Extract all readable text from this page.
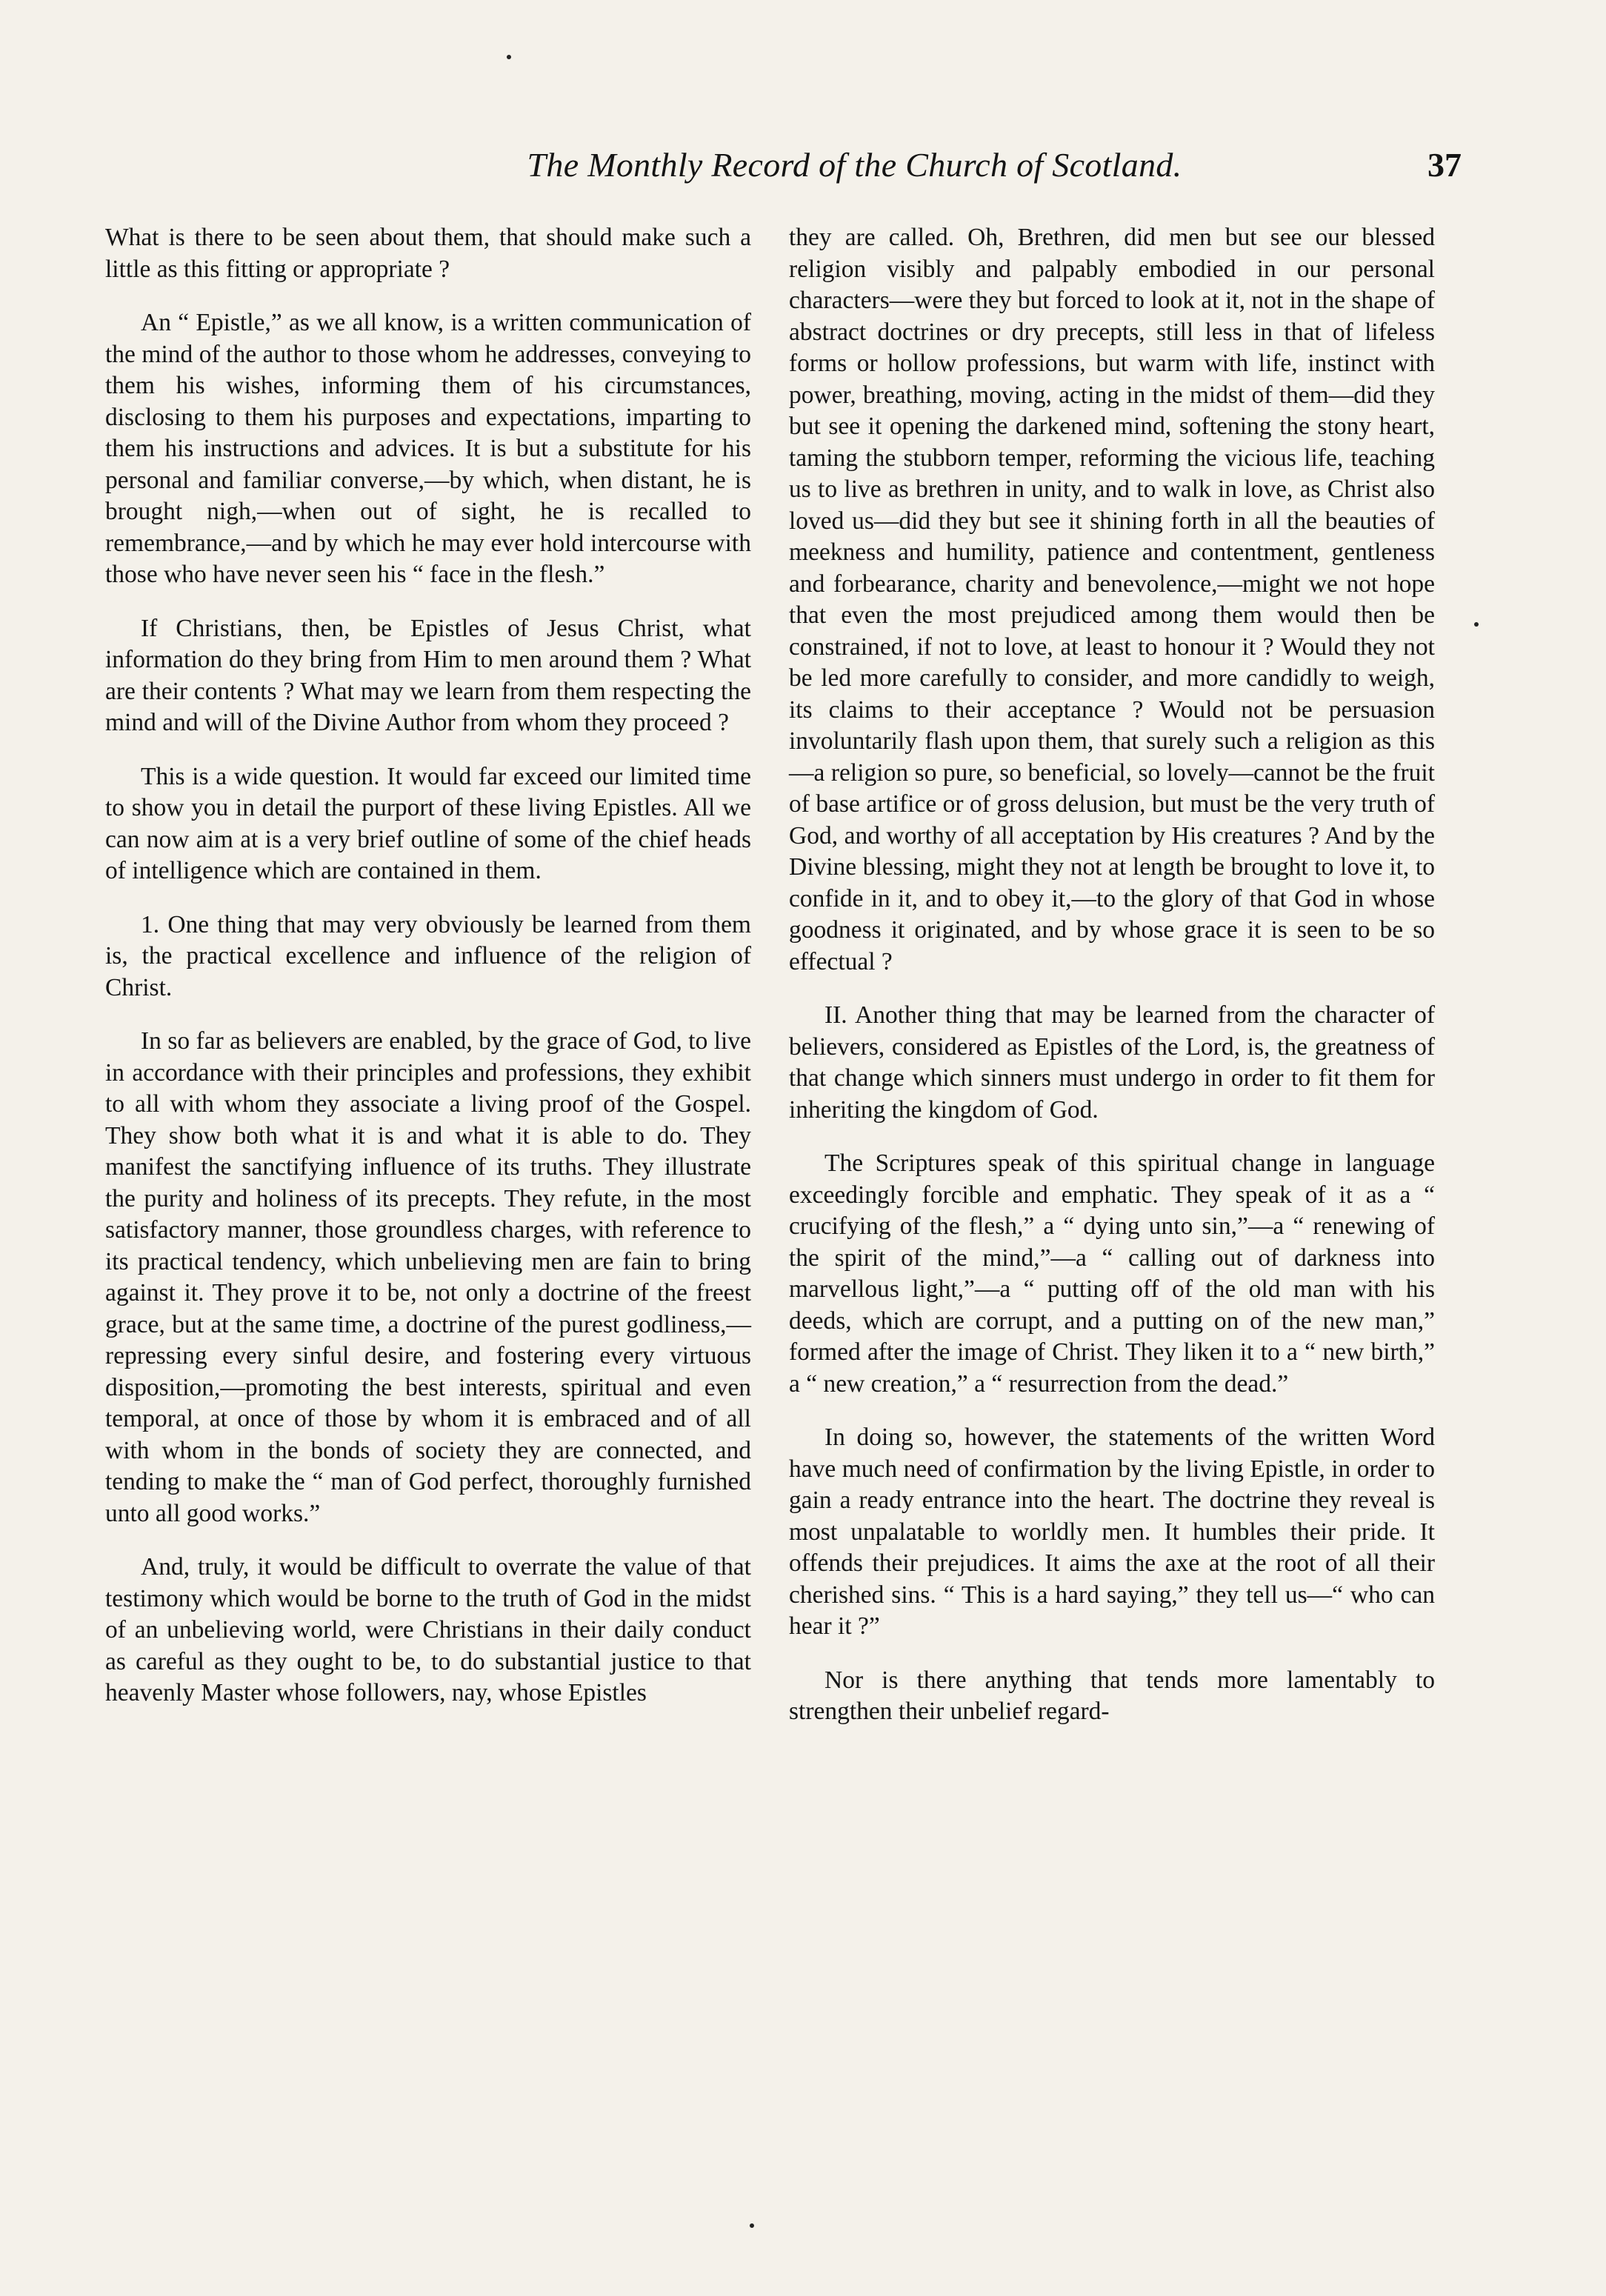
The Monthly Record of the Church of Scotland.	37

What is there to be seen about them, that should make such a little as this fitting or appropriate ?

An “ Epistle,” as we all know, is a written communication of the mind of the author to those whom he addresses, conveying to them his wishes, informing them of his circumstances, disclosing to them his purposes and expectations, imparting to them his instructions and advices. It is but a substitute for his personal and familiar converse,—by which, when distant, he is brought nigh,—when out of sight, he is recalled to remembrance,—and by which he may ever hold intercourse with those who have never seen his “ face in the flesh.”

If Christians, then, be Epistles of Jesus Christ, what information do they bring from Him to men around them ? What are their contents ? What may we learn from them respecting the mind and will of the Divine Author from whom they proceed ?

This is a wide question. It would far exceed our limited time to show you in detail the purport of these living Epistles. All we can now aim at is a very brief outline of some of the chief heads of intelligence which are contained in them.

1. One thing that may very obviously be learned from them is, the practical excellence and influence of the religion of Christ.

In so far as believers are enabled, by the grace of God, to live in accordance with their principles and professions, they exhibit to all with whom they associate a living proof of the Gospel. They show both what it is and what it is able to do. They manifest the sanctifying influence of its truths. They illustrate the purity and holiness of its precepts. They refute, in the most satisfactory manner, those groundless charges, with reference to its practical tendency, which unbelieving men are fain to bring against it. They prove it to be, not only a doctrine of the freest grace, but at the same time, a doctrine of the purest godliness,—repressing every sinful desire, and fostering every virtuous disposition,—promoting the best interests, spiritual and even temporal, at once of those by whom it is embraced and of all with whom in the bonds of society they are connected, and tending to make the “ man of God perfect, thoroughly furnished unto all good works.”

And, truly, it would be difficult to overrate the value of that testimony which would be borne to the truth of God in the midst of an unbelieving world, were Christians in their daily conduct as careful as they ought to be, to do substantial justice to that heavenly Master whose followers, nay, whose Epistles

they are called. Oh, Brethren, did men but see our blessed religion visibly and palpably embodied in our personal characters—were they but forced to look at it, not in the shape of abstract doctrines or dry precepts, still less in that of lifeless forms or hollow professions, but warm with life, instinct with power, breathing, moving, acting in the midst of them—did they but see it opening the darkened mind, softening the stony heart, taming the stubborn temper, reforming the vicious life, teaching us to live as brethren in unity, and to walk in love, as Christ also loved us—did they but see it shining forth in all the beauties of meekness and humility, patience and contentment, gentleness and forbearance, charity and benevolence,—might we not hope that even the most prejudiced among them would then be constrained, if not to love, at least to honour it ? Would they not be led more carefully to consider, and more candidly to weigh, its claims to their acceptance ? Would not be persuasion involuntarily flash upon them, that surely such a religion as this—a religion so pure, so beneficial, so lovely—cannot be the fruit of base artifice or of gross delusion, but must be the very truth of God, and worthy of all acceptation by His creatures ? And by the Divine blessing, might they not at length be brought to love it, to confide in it, and to obey it,—to the glory of that God in whose goodness it originated, and by whose grace it is seen to be so effectual ?

II. Another thing that may be learned from the character of believers, considered as Epistles of the Lord, is, the greatness of that change which sinners must undergo in order to fit them for inheriting the kingdom of God.

The Scriptures speak of this spiritual change in language exceedingly forcible and emphatic. They speak of it as a “ crucifying of the flesh,” a “ dying unto sin,”—a “ renewing of the spirit of the mind,”—a “ calling out of darkness into marvellous light,”—a “ putting off of the old man with his deeds, which are corrupt, and a putting on of the new man,” formed after the image of Christ. They liken it to a “ new birth,” a “ new creation,” a “ resurrection from the dead.”

In doing so, however, the statements of the written Word have much need of confirmation by the living Epistle, in order to gain a ready entrance into the heart. The doctrine they reveal is most unpalatable to worldly men. It humbles their pride. It offends their prejudices. It aims the axe at the root of all their cherished sins. “ This is a hard saying,” they tell us—“ who can hear it ?”

Nor is there anything that tends more lamentably to strengthen their unbelief regard-
